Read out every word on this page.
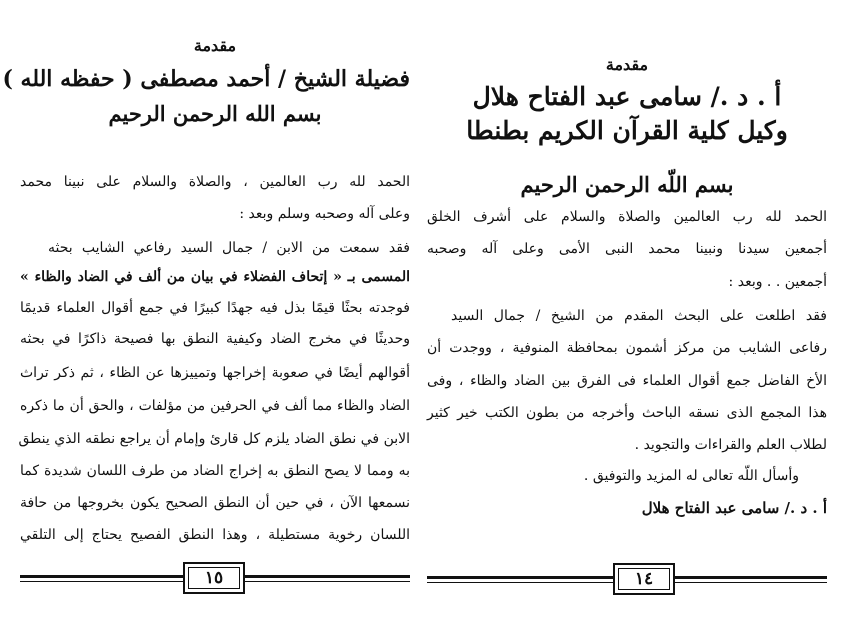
مقدمة
أ . د ./ سامى عبد الفتاح هلال
وكيل كلية القرآن الكريم بطنطا
بسم اللّه الرحمن الرحيم
الحمد لله رب العالمين والصلاة والسلام على أشرف الخلق
أجمعين سيدنا ونبينا محمد النبى الأمى وعلى آله وصحبه
أجمعين . . وبعد :
فقد اطلعت على البحث المقدم من الشيخ / جمال السيد
رفاعى الشايب من مركز أشمون بمحافظة المنوفية ، ووجدت أن
الأخ الفاضل جمع أقوال العلماء فى الفرق بين الضاد والظاء ، وفى
هذا المجمع الذى نسقه الباحث وأخرجه من بطون الكتب خير كثير
لطلاب العلم والقراءات والتجويد .
وأسأل اللّه تعالى له المزيد والتوفيق .
أ . د ./ سامى عبد الفتاح هلال
١٤
مقدمة
فضيلة الشيخ / أحمد مصطفى ( حفظه الله )
بسم الله الرحمن الرحيم
الحمد لله رب العالمين ، والصلاة والسلام على نبينا محمد
وعلى آله وصحبه وسلم وبعد :
فقد سمعت من الابن / جمال السيد رفاعي الشايب بحثه
المسمى بـ « إتحاف الفضلاء في بيان من ألف في الضاد والظاء »
فوجدته بحثًا قيمًا بذل فيه جهدًا كبيرًا في جمع أقوال العلماء قديمًا
وحديثًا في مخرج الضاد وكيفية النطق بها فصيحة ذاكرًا في بحثه
أقوالهم أيضًا في صعوبة إخراجها وتمييزها عن الظاء ، ثم ذكر تراث
الضاد والظاء مما ألف في الحرفين من مؤلفات ، والحق أن ما ذكره
الابن في نطق الضاد يلزم كل قارئ وإمام أن يراجع نطقه الذي ينطق
به ومما لا يصح النطق به إخراج الضاد من طرف اللسان شديدة كما
نسمعها الآن ، في حين أن النطق الصحيح يكون بخروجها من حافة
اللسان رخوية مستطيلة ، وهذا النطق الفصيح يحتاج إلى التلقي
١٥
